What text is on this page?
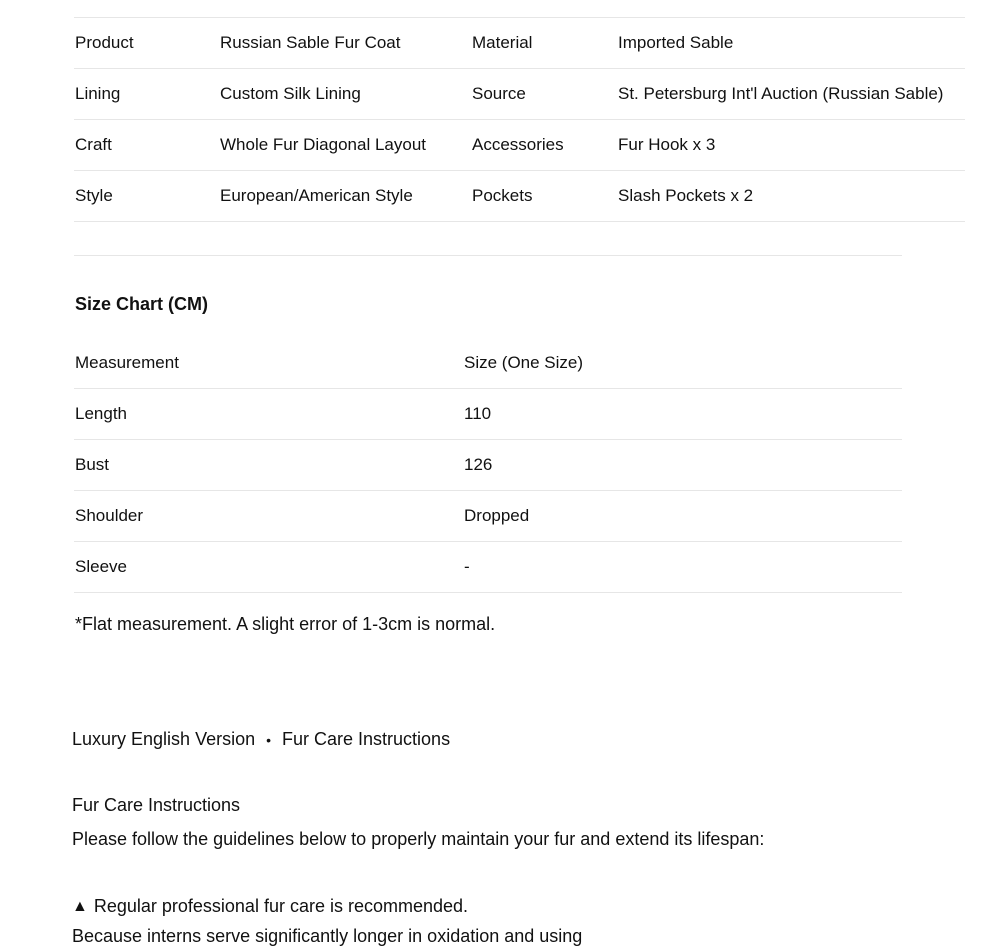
Product	Russian Sable Fur Coat	Material	Imported Sable
Lining	Custom Silk Lining	Source	St. Petersburg Int'l Auction (Russian Sable)
Craft	Whole Fur Diagonal Layout	Accessories	Fur Hook x 3
Style	European/American Style	Pockets	Slash Pockets x 2
Size Chart (CM)
Measurement	Size (One Size)
Length	110
Bust	126
Shoulder	Dropped
Sleeve	-

*Flat measurement. A slight error of 1-3cm is normal.

Luxury English Version • Fur Care Instructions
Fur Care Instructions

Please follow the guidelines below to properly maintain your fur and extend its lifespan:

▲ Regular professional fur care is recommended.

Because interns serve significantly longer in oxidation and using
